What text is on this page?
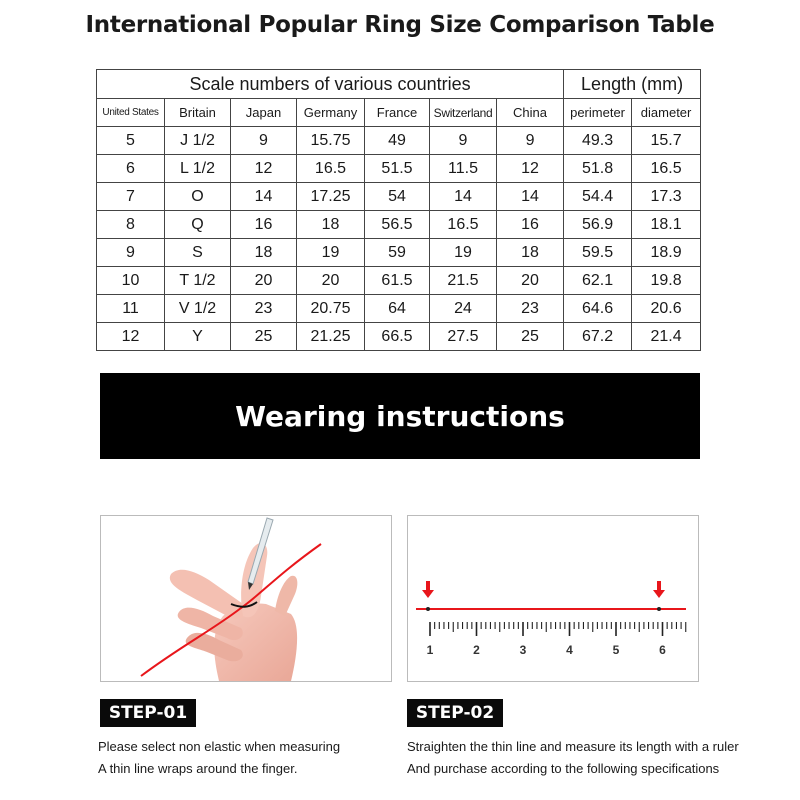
International Popular Ring Size Comparison Table
Scale numbers of various countries							Length (mm)	
United States	Britain	Japan	Germany	France	Switzerland	China	perimeter	diameter
5	J 1/2	9	15.75	49	9	9	49.3	15.7
6	L 1/2	12	16.5	51.5	11.5	12	51.8	16.5
7	O	14	17.25	54	14	14	54.4	17.3
8	Q	16	18	56.5	16.5	16	56.9	18.1
9	S	18	19	59	19	18	59.5	18.9
10	T 1/2	20	20	61.5	21.5	20	62.1	19.8
11	V 1/2	23	20.75	64	24	23	64.6	20.6
12	Y	25	21.25	66.5	27.5	25	67.2	21.4
Wearing instructions
1	2	3	4	5	6
STEP-01	STEP-02
Please select non elastic when measuring
A thin line wraps around the finger.
Straighten the thin line and measure its length with a ruler
And purchase according to the following specifications
